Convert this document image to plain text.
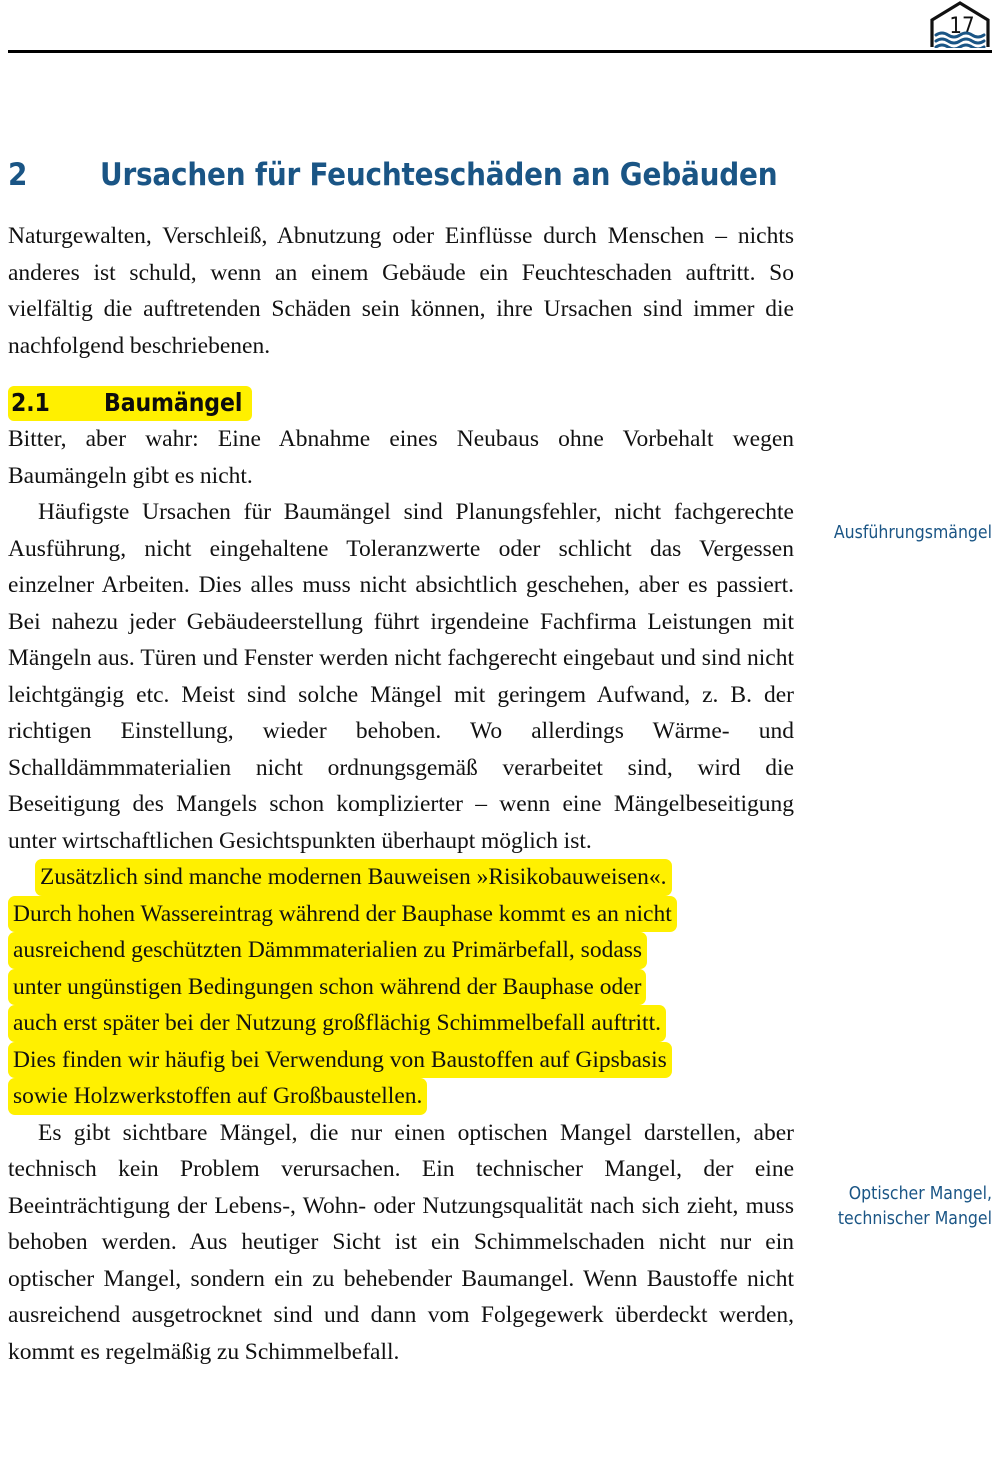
17
2 Ursachen für Feuchteschäden an Gebäuden

Naturgewalten, Verschleiß, Abnutzung oder Einflüsse durch Menschen – nichts anderes ist schuld, wenn an einem Gebäude ein Feuchteschaden auftritt. So vielfältig die auftretenden Schäden sein können, ihre Ursachen sind immer die nachfolgend beschriebenen.

2.1 Baumängel

Bitter, aber wahr: Eine Abnahme eines Neubaus ohne Vorbehalt wegen Baumängeln gibt es nicht.

Häufigste Ursachen für Baumängel sind Planungsfehler, nicht fachgerechte Ausführung, nicht eingehaltene Toleranzwerte oder schlicht das Vergessen einzelner Arbeiten. Dies alles muss nicht absichtlich geschehen, aber es passiert. Bei nahezu jeder Gebäudeerstellung führt irgendeine Fachfirma Leistungen mit Mängeln aus. Türen und Fenster werden nicht fachgerecht eingebaut und sind nicht leichtgängig etc. Meist sind solche Mängel mit geringem Aufwand, z. B. der richtigen Einstellung, wieder behoben. Wo allerdings Wärme- und Schalldämmmaterialien nicht ordnungsgemäß verarbeitet sind, wird die Beseitigung des Mangels schon komplizierter – wenn eine Mängelbeseitigung unter wirtschaftlichen Gesichtspunkten überhaupt möglich ist.

Zusätzlich sind manche modernen Bauweisen »Risikobauweisen«.
Durch hohen Wassereintrag während der Bauphase kommt es an nicht
ausreichend geschützten Dämmmaterialien zu Primärbefall, sodass
unter ungünstigen Bedingungen schon während der Bauphase oder
auch erst später bei der Nutzung großflächig Schimmelbefall auftritt.
Dies finden wir häufig bei Verwendung von Baustoffen auf Gipsbasis
sowie Holzwerkstoffen auf Großbaustellen.

Es gibt sichtbare Mängel, die nur einen optischen Mangel darstellen, aber technisch kein Problem verursachen. Ein technischer Mangel, der eine Beeinträchtigung der Lebens-, Wohn- oder Nutzungsqualität nach sich zieht, muss behoben werden. Aus heutiger Sicht ist ein Schimmelschaden nicht nur ein optischer Mangel, sondern ein zu behebender Baumangel. Wenn Baustoffe nicht ausreichend ausgetrocknet sind und dann vom Folgegewerk überdeckt werden, kommt es regelmäßig zu Schimmelbefall.

Ausführungsmängel
Optischer Mangel,
technischer Mangel
